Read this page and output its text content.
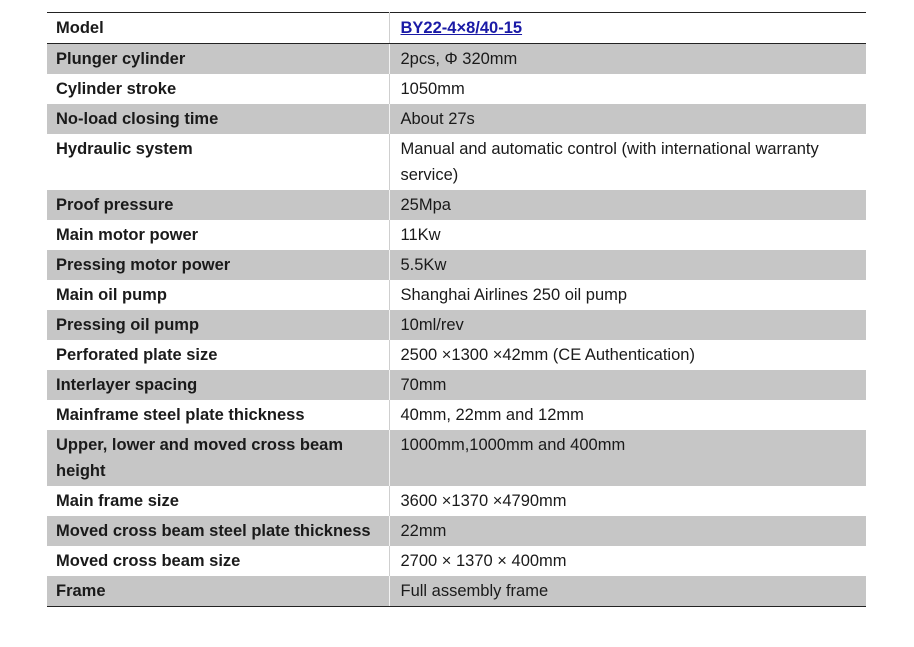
Model	BY22-4×8/40-15
Plunger cylinder	2pcs, Φ 320mm
Cylinder stroke	1050mm
No-load closing time	About 27s
Hydraulic system	Manual and automatic control (with international warranty service)
Proof pressure	25Mpa
Main motor power	11Kw
Pressing motor power	5.5Kw
Main oil pump	Shanghai Airlines 250 oil pump
Pressing oil pump	10ml/rev
Perforated plate size	2500 ×1300 ×42mm (CE Authentication)
Interlayer spacing	70mm
Mainframe steel plate thickness	40mm, 22mm and 12mm
Upper, lower and moved cross beam height	1000mm,1000mm and 400mm
Main frame size	3600 ×1370 ×4790mm
Moved cross beam steel plate thickness	22mm
Moved cross beam size	2700 × 1370 × 400mm
Frame	Full assembly frame
